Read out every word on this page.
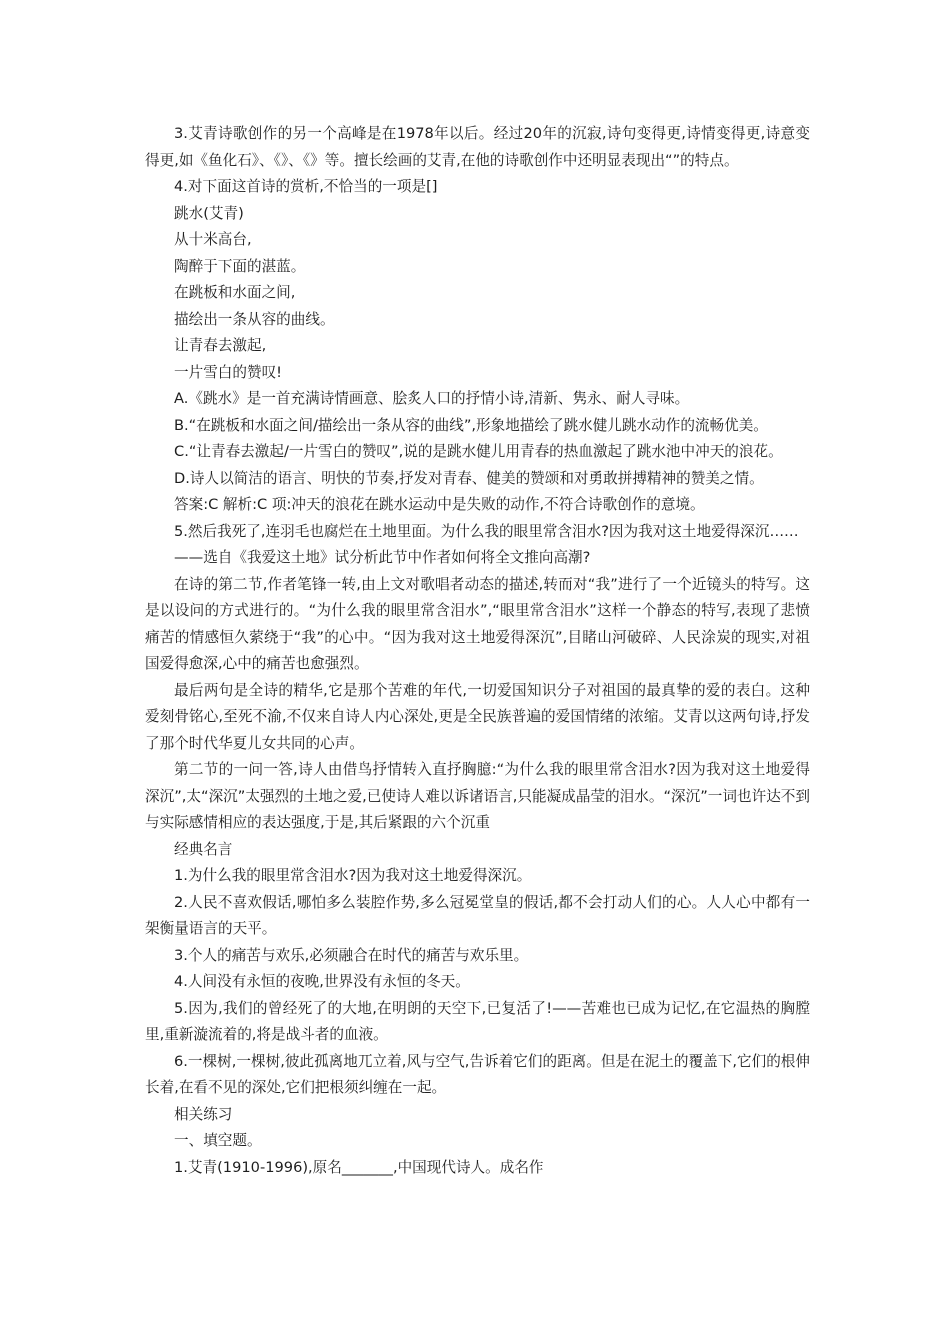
3.艾青诗歌创作的另一个高峰是在1978年以后。经过20年的沉寂,诗句变得更,诗情变得更,诗意变得更,如《鱼化石》、《》、《》等。擅长绘画的艾青,在他的诗歌创作中还明显表现出“”的特点。

4.对下面这首诗的赏析,不恰当的一项是[]

跳水(艾青)

从十米高台,

陶醉于下面的湛蓝。

在跳板和水面之间,

描绘出一条从容的曲线。

让青春去激起,

一片雪白的赞叹!

A.《跳水》是一首充满诗情画意、脍炙人口的抒情小诗,清新、隽永、耐人寻味。

B.“在跳板和水面之间/描绘出一条从容的曲线”,形象地描绘了跳水健儿跳水动作的流畅优美。

C.“让青春去激起/一片雪白的赞叹”,说的是跳水健儿用青春的热血激起了跳水池中冲天的浪花。

D.诗人以简洁的语言、明快的节奏,抒发对青春、健美的赞颂和对勇敢拼搏精神的赞美之情。

答案:C 解析:C 项:冲天的浪花在跳水运动中是失败的动作,不符合诗歌创作的意境。

5.然后我死了,连羽毛也腐烂在土地里面。为什么我的眼里常含泪水?因为我对这土地爱得深沉……

——选自《我爱这土地》试分析此节中作者如何将全文推向高潮?

在诗的第二节,作者笔锋一转,由上文对歌唱者动态的描述,转而对“我”进行了一个近镜头的特写。这是以设问的方式进行的。“为什么我的眼里常含泪水”,“眼里常含泪水”这样一个静态的特写,表现了悲愤痛苦的情感恒久萦绕于“我”的心中。“因为我对这土地爱得深沉”,目睹山河破碎、人民涂炭的现实,对祖国爱得愈深,心中的痛苦也愈强烈。

最后两句是全诗的精华,它是那个苦难的年代,一切爱国知识分子对祖国的最真挚的爱的表白。这种爱刻骨铭心,至死不渝,不仅来自诗人内心深处,更是全民族普遍的爱国情绪的浓缩。艾青以这两句诗,抒发了那个时代华夏儿女共同的心声。

第二节的一问一答,诗人由借鸟抒情转入直抒胸臆:“为什么我的眼里常含泪水?因为我对这土地爱得深沉”,太“深沉”太强烈的土地之爱,已使诗人难以诉诸语言,只能凝成晶莹的泪水。“深沉”一词也许达不到与实际感情相应的表达强度,于是,其后紧跟的六个沉重

经典名言

1.为什么我的眼里常含泪水?因为我对这土地爱得深沉。

2.人民不喜欢假话,哪怕多么装腔作势,多么冠冕堂皇的假话,都不会打动人们的心。人人心中都有一架衡量语言的天平。

3.个人的痛苦与欢乐,必须融合在时代的痛苦与欢乐里。

4.人间没有永恒的夜晚,世界没有永恒的冬天。

5.因为,我们的曾经死了的大地,在明朗的天空下,已复活了!——苦难也已成为记忆,在它温热的胸膛里,重新漩流着的,将是战斗者的血液。

6.一棵树,一棵树,彼此孤离地兀立着,风与空气,告诉着它们的距离。但是在泥土的覆盖下,它们的根伸长着,在看不见的深处,它们把根须纠缠在一起。

相关练习

一、填空题。

1.艾青(1910-1996),原名_______,中国现代诗人。成名作
